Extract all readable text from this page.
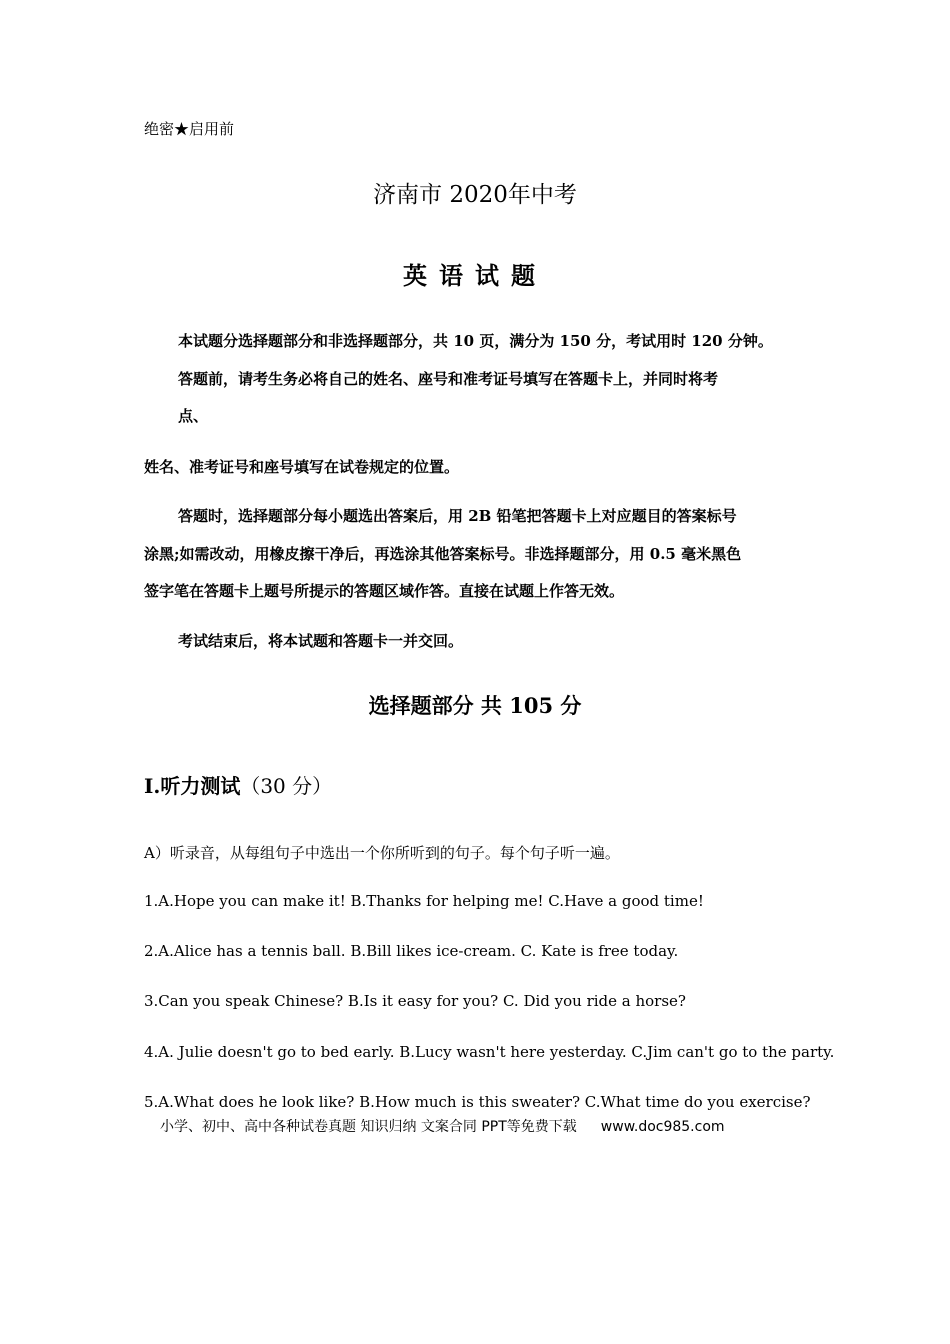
绝密★启用前
济南市 2020年中考
英语试题
本试题分选择题部分和非选择题部分，共 10 页，满分为 150 分，考试用时 120 分钟。
答题前，请考生务必将自己的姓名、座号和准考证号填写在答题卡上，并同时将考
点、
姓名、准考证号和座号填写在试卷规定的位置。
答题时，选择题部分每小题选出答案后，用 2B 铅笔把答题卡上对应题目的答案标号
涂黑;如需改动，用橡皮擦干净后，再选涂其他答案标号。非选择题部分，用 0.5 毫米黑色
签字笔在答题卡上题号所提示的答题区域作答。直接在试题上作答无效。
考试结束后，将本试题和答题卡一并交回。
选择题部分 共 105 分
I.听力测试（30 分）
A）听录音，从每组句子中选出一个你所听到的句子。每个句子听一遍。
1.A.Hope you can make it! B.Thanks for helping me! C.Have a good time!
2.A.Alice has a tennis ball. B.Bill likes ice-cream. C. Kate is free today.
3.Can you speak Chinese? B.Is it easy for you? C. Did you ride a horse?
4.A. Julie doesn't go to bed early. B.Lucy wasn't here yesterday. C.Jim can't go to the party.
5.A.What does he look like? B.How much is this sweater? C.What time do you exercise?
小学、初中、高中各种试卷真题 知识归纳 文案合同 PPT等免费下载 www.doc985.com
